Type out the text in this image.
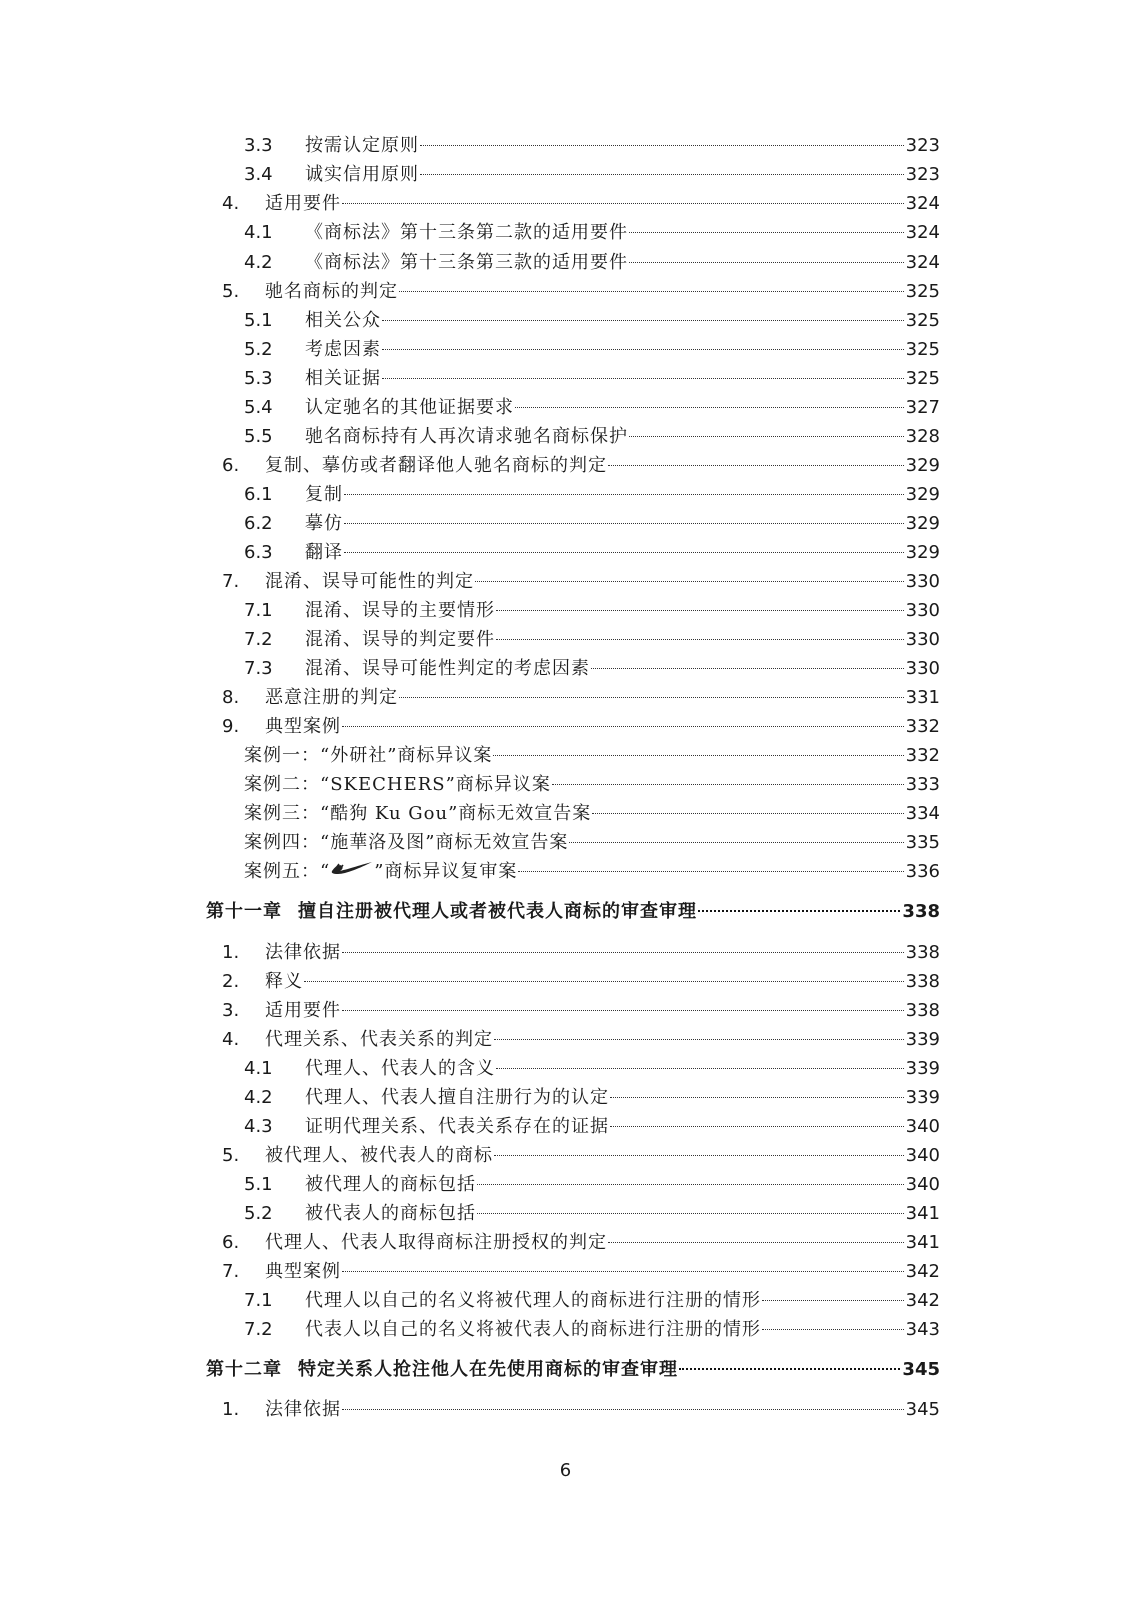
3.3	按需认定原则	323
3.4	诚实信用原则	323
4.	适用要件	324
4.1	《商标法》第十三条第二款的适用要件	324
4.2	《商标法》第十三条第三款的适用要件	324
5.	驰名商标的判定	325
5.1	相关公众	325
5.2	考虑因素	325
5.3	相关证据	325
5.4	认定驰名的其他证据要求	327
5.5	驰名商标持有人再次请求驰名商标保护	328
6.	复制、摹仿或者翻译他人驰名商标的判定	329
6.1	复制	329
6.2	摹仿	329
6.3	翻译	329
7.	混淆、误导可能性的判定	330
7.1	混淆、误导的主要情形	330
7.2	混淆、误导的判定要件	330
7.3	混淆、误导可能性判定的考虑因素	330
8.	恶意注册的判定	331
9.	典型案例	332
案例一：“外研社”商标异议案	332
案例二：“SKECHERS”商标异议案	333
案例三：“酷狗 Ku Gou”商标无效宣告案	334
案例四：“施華洛及图”商标无效宣告案	335
案例五：“ ”商标异议复审案	336
第十一章 擅自注册被代理人或者被代表人商标的审查审理	338
1.	法律依据	338
2.	释义	338
3.	适用要件	338
4.	代理关系、代表关系的判定	339
4.1	代理人、代表人的含义	339
4.2	代理人、代表人擅自注册行为的认定	339
4.3	证明代理关系、代表关系存在的证据	340
5.	被代理人、被代表人的商标	340
5.1	被代理人的商标包括	340
5.2	被代表人的商标包括	341
6.	代理人、代表人取得商标注册授权的判定	341
7.	典型案例	342
7.1	代理人以自己的名义将被代理人的商标进行注册的情形	342
7.2	代表人以自己的名义将被代表人的商标进行注册的情形	343
第十二章 特定关系人抢注他人在先使用商标的审查审理	345
1.	法律依据	345
6
